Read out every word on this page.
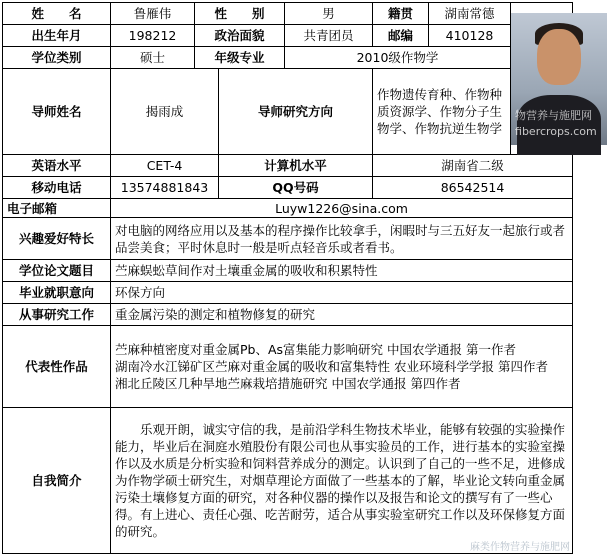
姓　　名	鲁雁伟	性　　别		男	籍贯	湖南常德	物营养与施肥网
fibercrops.com

出生年月	198212	政治面貌		共青团员	邮编	410128	
学位类别	硕士	年级专业		2010级作物学			
导师姓名	揭雨成		导师研究方向		作物遗传育种、作物种质资源学、作物分子生物学、作物抗逆生物学		

英语水平	CET-4		计算机水平		湖南省二级		
移动电话	13574881843		QQ号码		86542514		
电子邮箱	Luyw1226@sina.com						
兴趣爱好特长	对电脑的网络应用以及基本的程序操作比较拿手，闲暇时与三五好友一起旅行或者品尝美食；平时休息时一般是听点轻音乐或者看书。						
学位论文题目	苎麻蜈蚣草间作对土壤重金属的吸收和积累特性						
毕业就职意向	环保方向						
从事研究工作	重金属污染的测定和植物修复的研究						
代表性作品	苎麻种植密度对重金属Pb、As富集能力影响研究 中国农学通报 第一作者
湖南冷水江锑矿区苎麻对重金属的吸收和富集特性 农业环境科学学报 第四作者
湘北丘陵区几种旱地苎麻栽培措施研究 中国农学通报 第四作者						

自我简介	乐观开朗，诚实守信的我，是前沿学科生物技术毕业，能够有较强的实验操作能力，毕业后在洞庭水殖股份有限公司也从事实验员的工作，进行基本的实验室操作以及水质是分析实验和饲料营养成分的测定。认识到了自己的一些不足，进修成为作物学硕士研究生，对烟草理论方面做了一些基本的了解，毕业论文转向重金属污染土壤修复方面的研究，对各种仪器的操作以及报告和论文的撰写有了一些心得。有上进心、责任心强、吃苦耐劳，适合从事实验室研究工作以及环保修复方面的研究。						
麻类作物营养与施肥网
